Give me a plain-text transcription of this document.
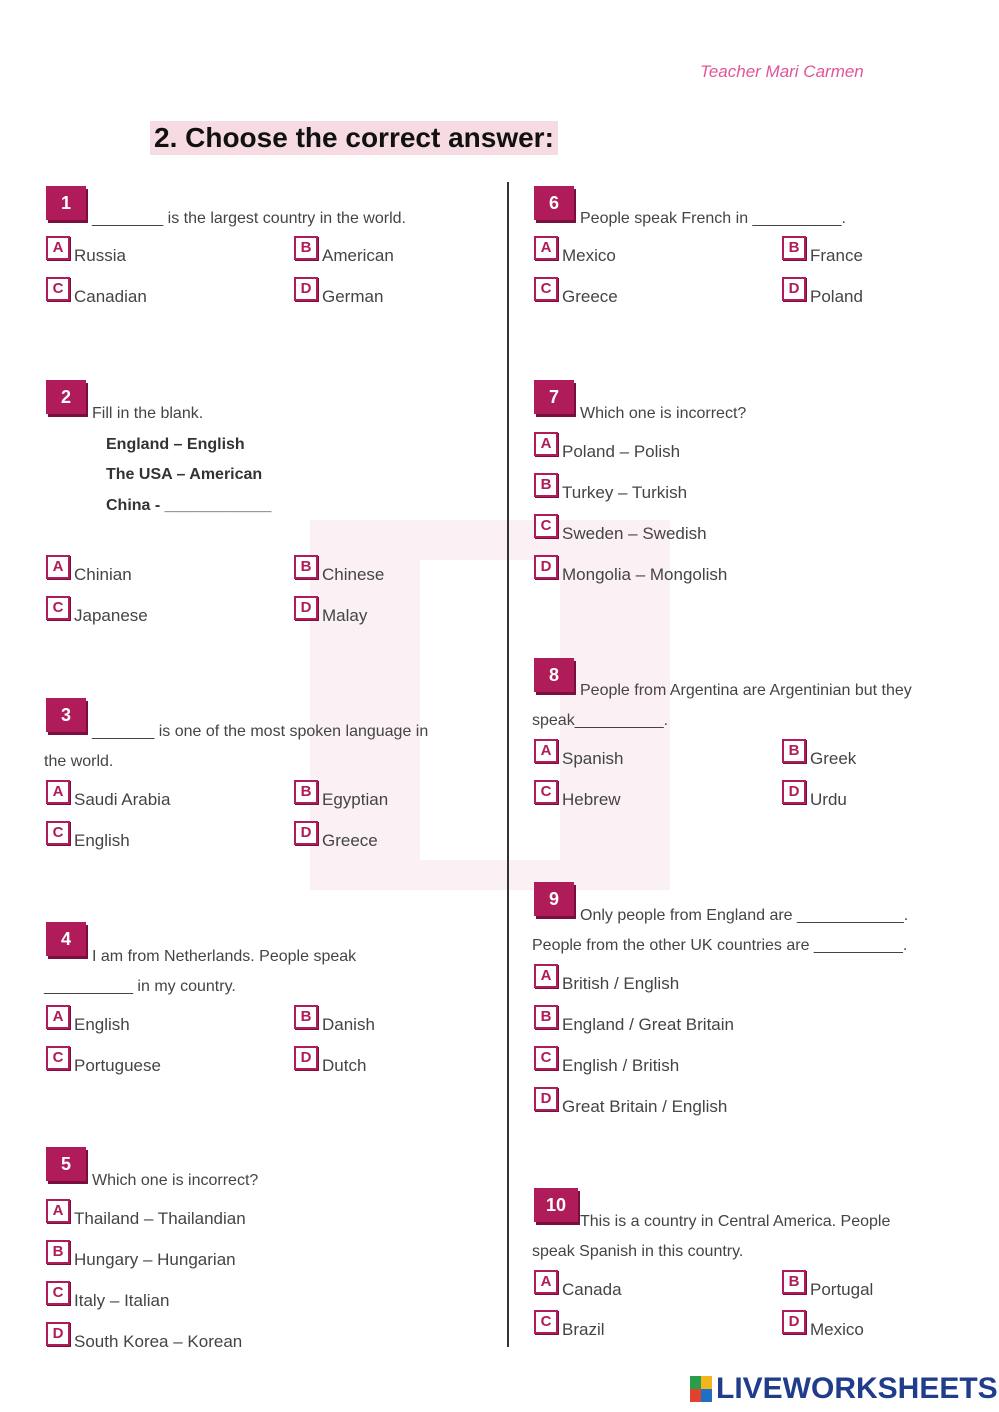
Teacher Mari Carmen
2. Choose the correct answer:
1
________ is the largest country in the world.
A Russia	B American
C Canadian	D German
2
Fill in the blank.
England – English
The USA – American
China - ____________
A Chinian	B Chinese
C Japanese	D Malay
3
_______ is one of the most spoken language in
the world.
A Saudi Arabia	B Egyptian
C English	D Greece
4
I am from Netherlands. People speak
__________ in my country.
A English	B Danish
C Portuguese	D Dutch
5
Which one is incorrect?
A Thailand – Thailandian
B Hungary – Hungarian
C Italy – Italian
D South Korea – Korean
6
People speak French in __________.
A Mexico	B France
C Greece	D Poland
7
Which one is incorrect?
A Poland – Polish
B Turkey – Turkish
C Sweden – Swedish
D Mongolia – Mongolish
8
People from Argentina are Argentinian but they
speak__________.
A Spanish	B Greek
C Hebrew	D Urdu
9
Only people from England are ____________.
People from the other UK countries are __________.
A British / English
B England / Great Britain
C English / British
D Great Britain / English
10
This is a country in Central America. People
speak Spanish in this country.
A Canada	B Portugal
C Brazil	D Mexico
LIVEWORKSHEETS
